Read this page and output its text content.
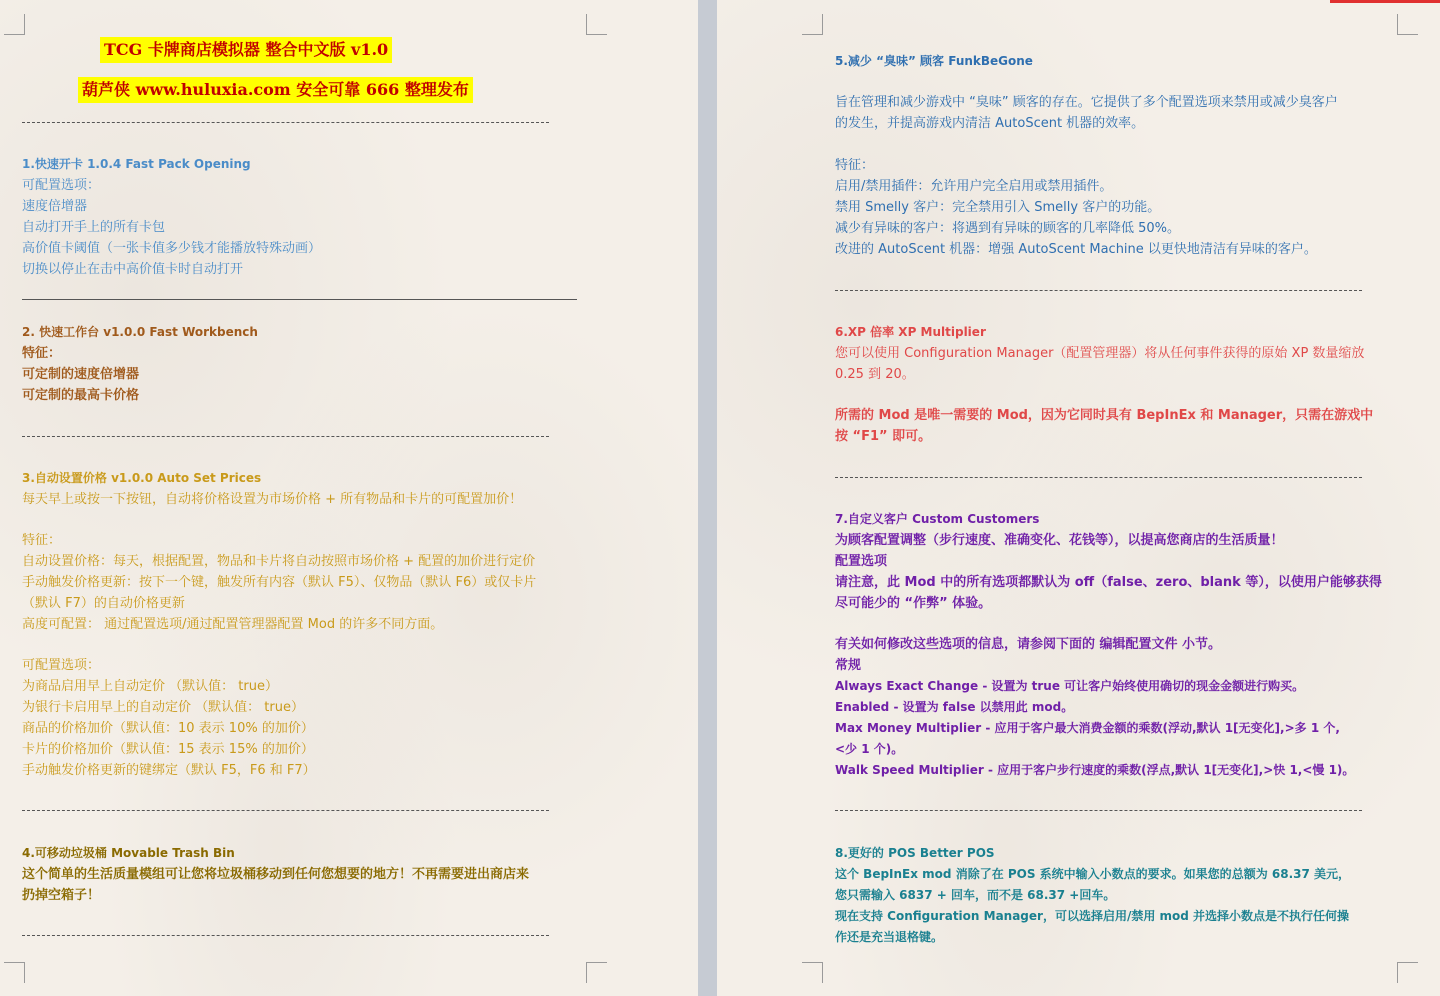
TCG 卡牌商店模拟器 整合中文版 v1.0
葫芦侠 www.huluxia.com 安全可靠 666 整理发布
1.快速开卡 1.0.4 Fast Pack Opening
可配置选项：
速度倍增器
自动打开手上的所有卡包
高价值卡阈值（一张卡值多少钱才能播放特殊动画）
切换以停止在击中高价值卡时自动打开
2. 快速工作台 v1.0.0 Fast Workbench
特征：
可定制的速度倍增器
可定制的最高卡价格
3.自动设置价格 v1.0.0 Auto Set Prices
每天早上或按一下按钮，自动将价格设置为市场价格 + 所有物品和卡片的可配置加价！
特征：
自动设置价格：每天，根据配置，物品和卡片将自动按照市场价格 + 配置的加价进行定价
手动触发价格更新：按下一个键，触发所有内容（默认 F5）、仅物品（默认 F6）或仅卡片
（默认 F7）的自动价格更新
高度可配置： 通过配置选项/通过配置管理器配置 Mod 的许多不同方面。
可配置选项：
为商品启用早上自动定价 （默认值： true）
为银行卡启用早上的自动定价 （默认值： true）
商品的价格加价（默认值：10 表示 10% 的加价）
卡片的价格加价（默认值：15 表示 15% 的加价）
手动触发价格更新的键绑定（默认 F5，F6 和 F7）
4.可移动垃圾桶 Movable Trash Bin
这个简单的生活质量模组可让您将垃圾桶移动到任何您想要的地方！不再需要进出商店来
扔掉空箱子！
5.减少 “臭味” 顾客 FunkBeGone
旨在管理和减少游戏中 “臭味” 顾客的存在。它提供了多个配置选项来禁用或减少臭客户
的发生，并提高游戏内清洁 AutoScent 机器的效率。
特征：
启用/禁用插件：允许用户完全启用或禁用插件。
禁用 Smelly 客户：完全禁用引入 Smelly 客户的功能。
减少有异味的客户：将遇到有异味的顾客的几率降低 50%。
改进的 AutoScent 机器：增强 AutoScent Machine 以更快地清洁有异味的客户。
6.XP 倍率 XP Multiplier
您可以使用 Configuration Manager（配置管理器）将从任何事件获得的原始 XP 数量缩放
0.25 到 20。
所需的 Mod 是唯一需要的 Mod，因为它同时具有 BepInEx 和 Manager，只需在游戏中
按 “F1” 即可。
7.自定义客户 Custom Customers
为顾客配置调整（步行速度、准确变化、花钱等），以提高您商店的生活质量！
配置选项
请注意，此 Mod 中的所有选项都默认为 off（false、zero、blank 等），以使用户能够获得
尽可能少的 “作弊” 体验。
有关如何修改这些选项的信息，请参阅下面的 编辑配置文件 小节。
常规
Always Exact Change - 设置为 true 可让客户始终使用确切的现金金额进行购买。
Enabled - 设置为 false 以禁用此 mod。
Max Money Multiplier - 应用于客户最大消费金额的乘数(浮动,默认 1[无变化],>多 1 个,
<少 1 个)。
Walk Speed Multiplier - 应用于客户步行速度的乘数(浮点,默认 1[无变化],>快 1,<慢 1)。
8.更好的 POS Better POS
这个 BepInEx mod 消除了在 POS 系统中输入小数点的要求。如果您的总额为 68.37 美元，
您只需输入 6837 + 回车，而不是 68.37 +回车。
现在支持 Configuration Manager，可以选择启用/禁用 mod 并选择小数点是不执行任何操
作还是充当退格键。
